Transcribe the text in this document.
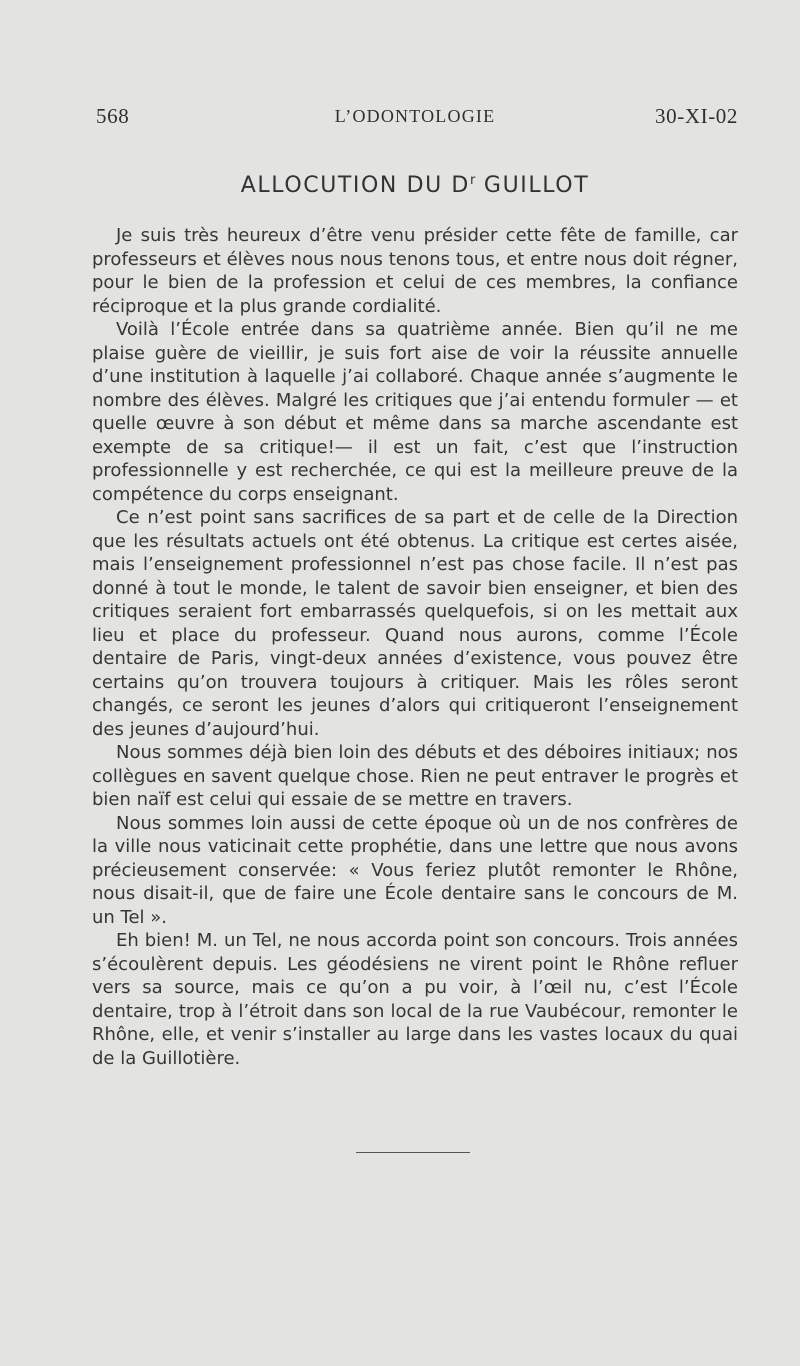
568	L’ODONTOLOGIE	30-XI-02
ALLOCUTION DU $D^r$ GUILLOT

Je suis très heureux d’être venu présider cette fête de famille, car professeurs et élèves nous nous tenons tous, et entre nous doit régner, pour le bien de la profession et celui de ces membres, la confiance réciproque et la plus grande cordialité.

Voilà l’École entrée dans sa quatrième année. Bien qu’il ne me plaise guère de vieillir, je suis fort aise de voir la réussite annuelle d’une institution à laquelle j’ai collaboré. Chaque année s’augmente le nombre des élèves. Malgré les critiques que j’ai entendu formuler — et quelle œuvre à son début et même dans sa marche ascendante est exempte de sa critique!— il est un fait, c’est que l’instruction professionnelle y est recherchée, ce qui est la meilleure preuve de la compétence du corps enseignant.

Ce n’est point sans sacrifices de sa part et de celle de la Direction que les résultats actuels ont été obtenus. La critique est certes aisée, mais l’enseignement professionnel n’est pas chose facile. Il n’est pas donné à tout le monde, le talent de savoir bien enseigner, et bien des critiques seraient fort embarrassés quelquefois, si on les mettait aux lieu et place du professeur. Quand nous aurons, comme l’École dentaire de Paris, vingt-deux années d’existence, vous pouvez être certains qu’on trouvera toujours à critiquer. Mais les rôles seront changés, ce seront les jeunes d’alors qui critiqueront l’enseignement des jeunes d’aujourd’hui.

Nous sommes déjà bien loin des débuts et des déboires initiaux; nos collègues en savent quelque chose. Rien ne peut entraver le progrès et bien naïf est celui qui essaie de se mettre en travers.

Nous sommes loin aussi de cette époque où un de nos confrères de la ville nous vaticinait cette prophétie, dans une lettre que nous avons précieusement conservée: « Vous feriez plutôt remonter le Rhône, nous disait-il, que de faire une École dentaire sans le concours de M. un Tel ».

Eh bien! M. un Tel, ne nous accorda point son concours. Trois années s’écoulèrent depuis. Les géodésiens ne virent point le Rhône refluer vers sa source, mais ce qu’on a pu voir, à l’œil nu, c’est l’École dentaire, trop à l’étroit dans son local de la rue Vaubécour, remonter le Rhône, elle, et venir s’installer au large dans les vastes locaux du quai de la Guillotière.
